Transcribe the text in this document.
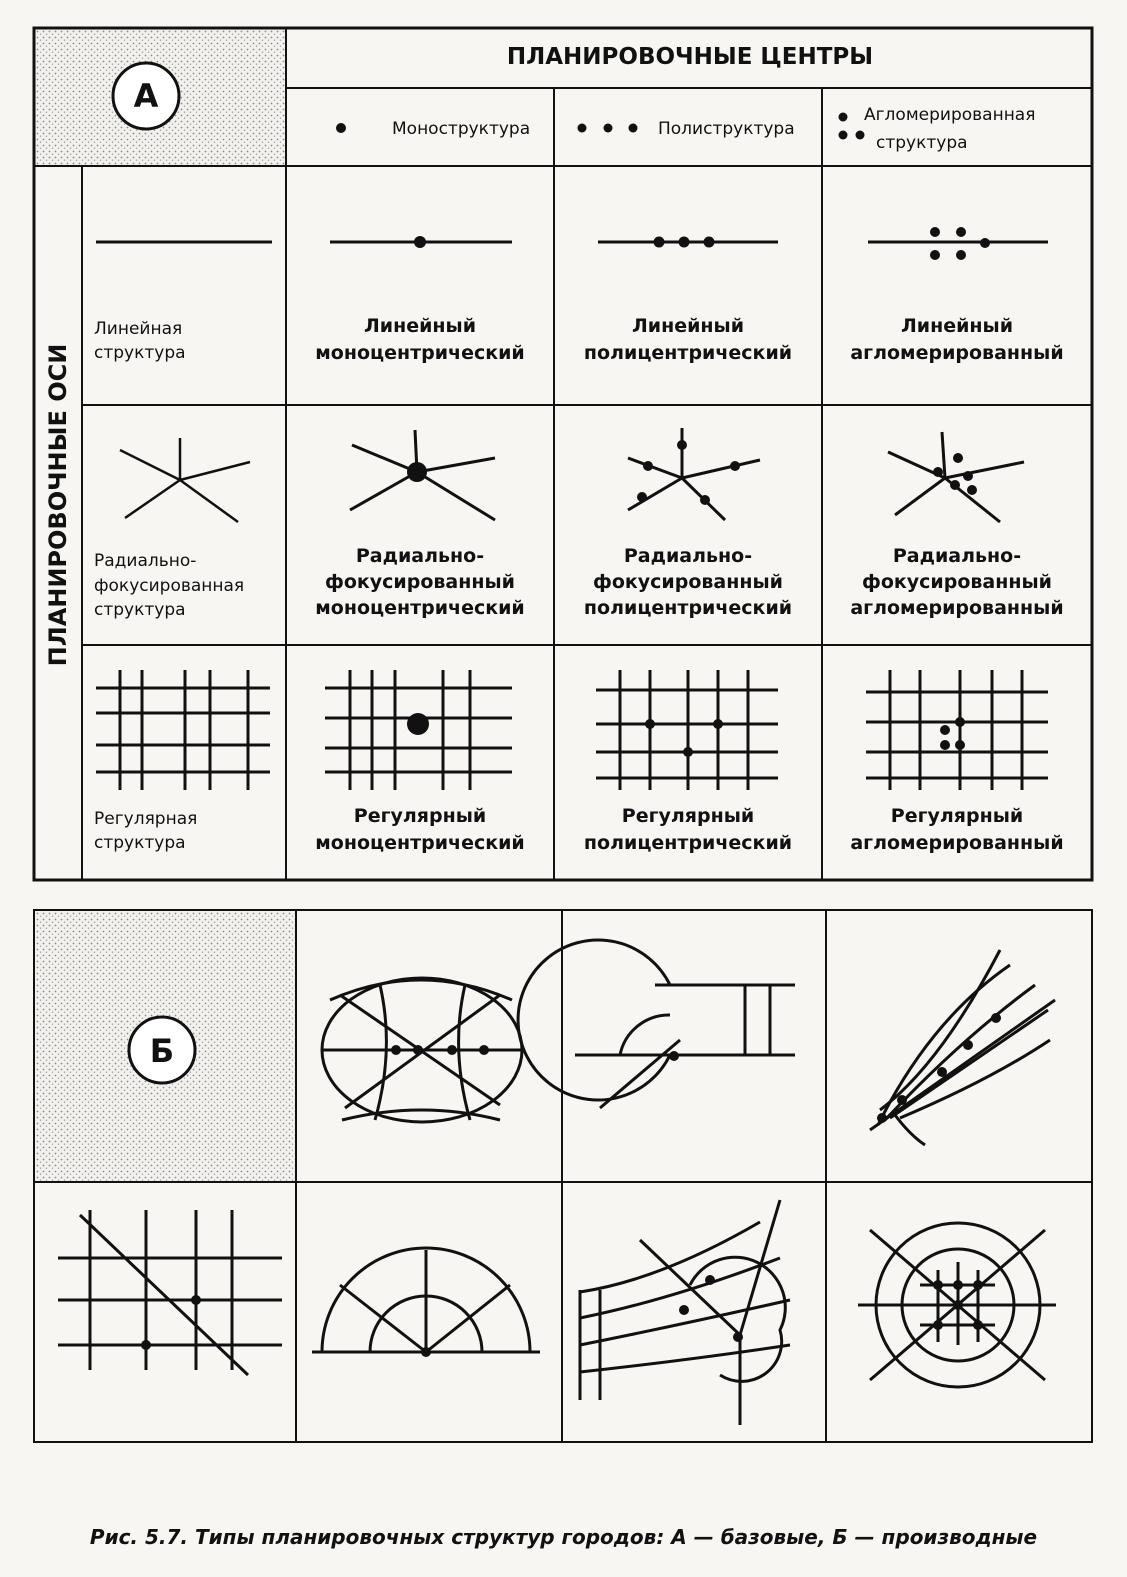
А
ПЛАНИРОВОЧНЫЕ ЦЕНТРЫ
ПЛАНИРОВОЧНЫЕ ОСИ
Моноструктура	Полиструктура
Агломерированная
структура
Линейная
структура
Радиально-
фокусированная
структура
Регулярная
структура
Линейный
моноцентрический
Линейный
полицентрический
Линейный
агломерированный
Радиально-
фокусированный
моноцентрический
Радиально-
фокусированный
полицентрический
Радиально-
фокусированный
агломерированный
Регулярный
моноцентрический
Регулярный
полицентрический
Регулярный
агломерированный
Б
Рис. 5.7. Типы планировочных структур городов: А — базовые, Б — производные
